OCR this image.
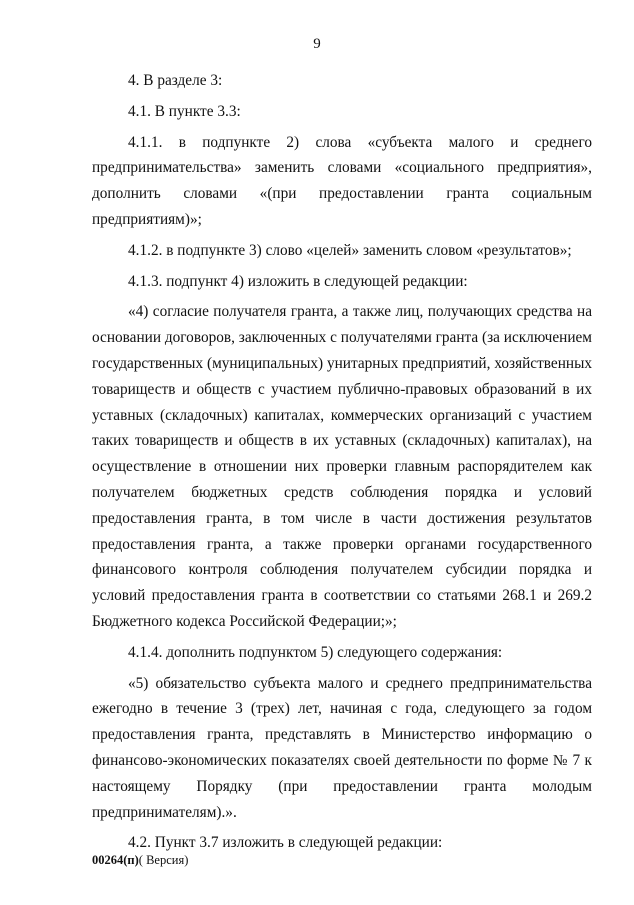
9

4. В разделе 3:

4.1. В пункте 3.3:

4.1.1. в подпункте 2) слова «субъекта малого и среднего предпринимательства» заменить словами «социального предприятия», дополнить словами «(при предоставлении гранта социальным предприятиям)»;

4.1.2. в подпункте 3) слово «целей» заменить словом «результатов»;

4.1.3. подпункт 4) изложить в следующей редакции:

«4) согласие получателя гранта, а также лиц, получающих средства на основании договоров, заключенных с получателями гранта (за исключением государственных (муниципальных) унитарных предприятий, хозяйственных товариществ и обществ с участием публично-правовых образований в их уставных (складочных) капиталах, коммерческих организаций с участием таких товариществ и обществ в их уставных (складочных) капиталах), на осуществление в отношении них проверки главным распорядителем как получателем бюджетных средств соблюдения порядка и условий предоставления гранта, в том числе в части достижения результатов предоставления гранта, а также проверки органами государственного финансового контроля соблюдения получателем субсидии порядка и условий предоставления гранта в соответствии со статьями 268.1 и 269.2 Бюджетного кодекса Российской Федерации;»;

4.1.4. дополнить подпунктом 5) следующего содержания:

«5) обязательство субъекта малого и среднего предпринимательства ежегодно в течение 3 (трех) лет, начиная с года, следующего за годом предоставления гранта, представлять в Министерство информацию о финансово-экономических показателях своей деятельности по форме № 7 к настоящему Порядку (при предоставлении гранта молодым предпринимателям).».

4.2. Пункт 3.7 изложить в следующей редакции:

00264(п)( Версия)
